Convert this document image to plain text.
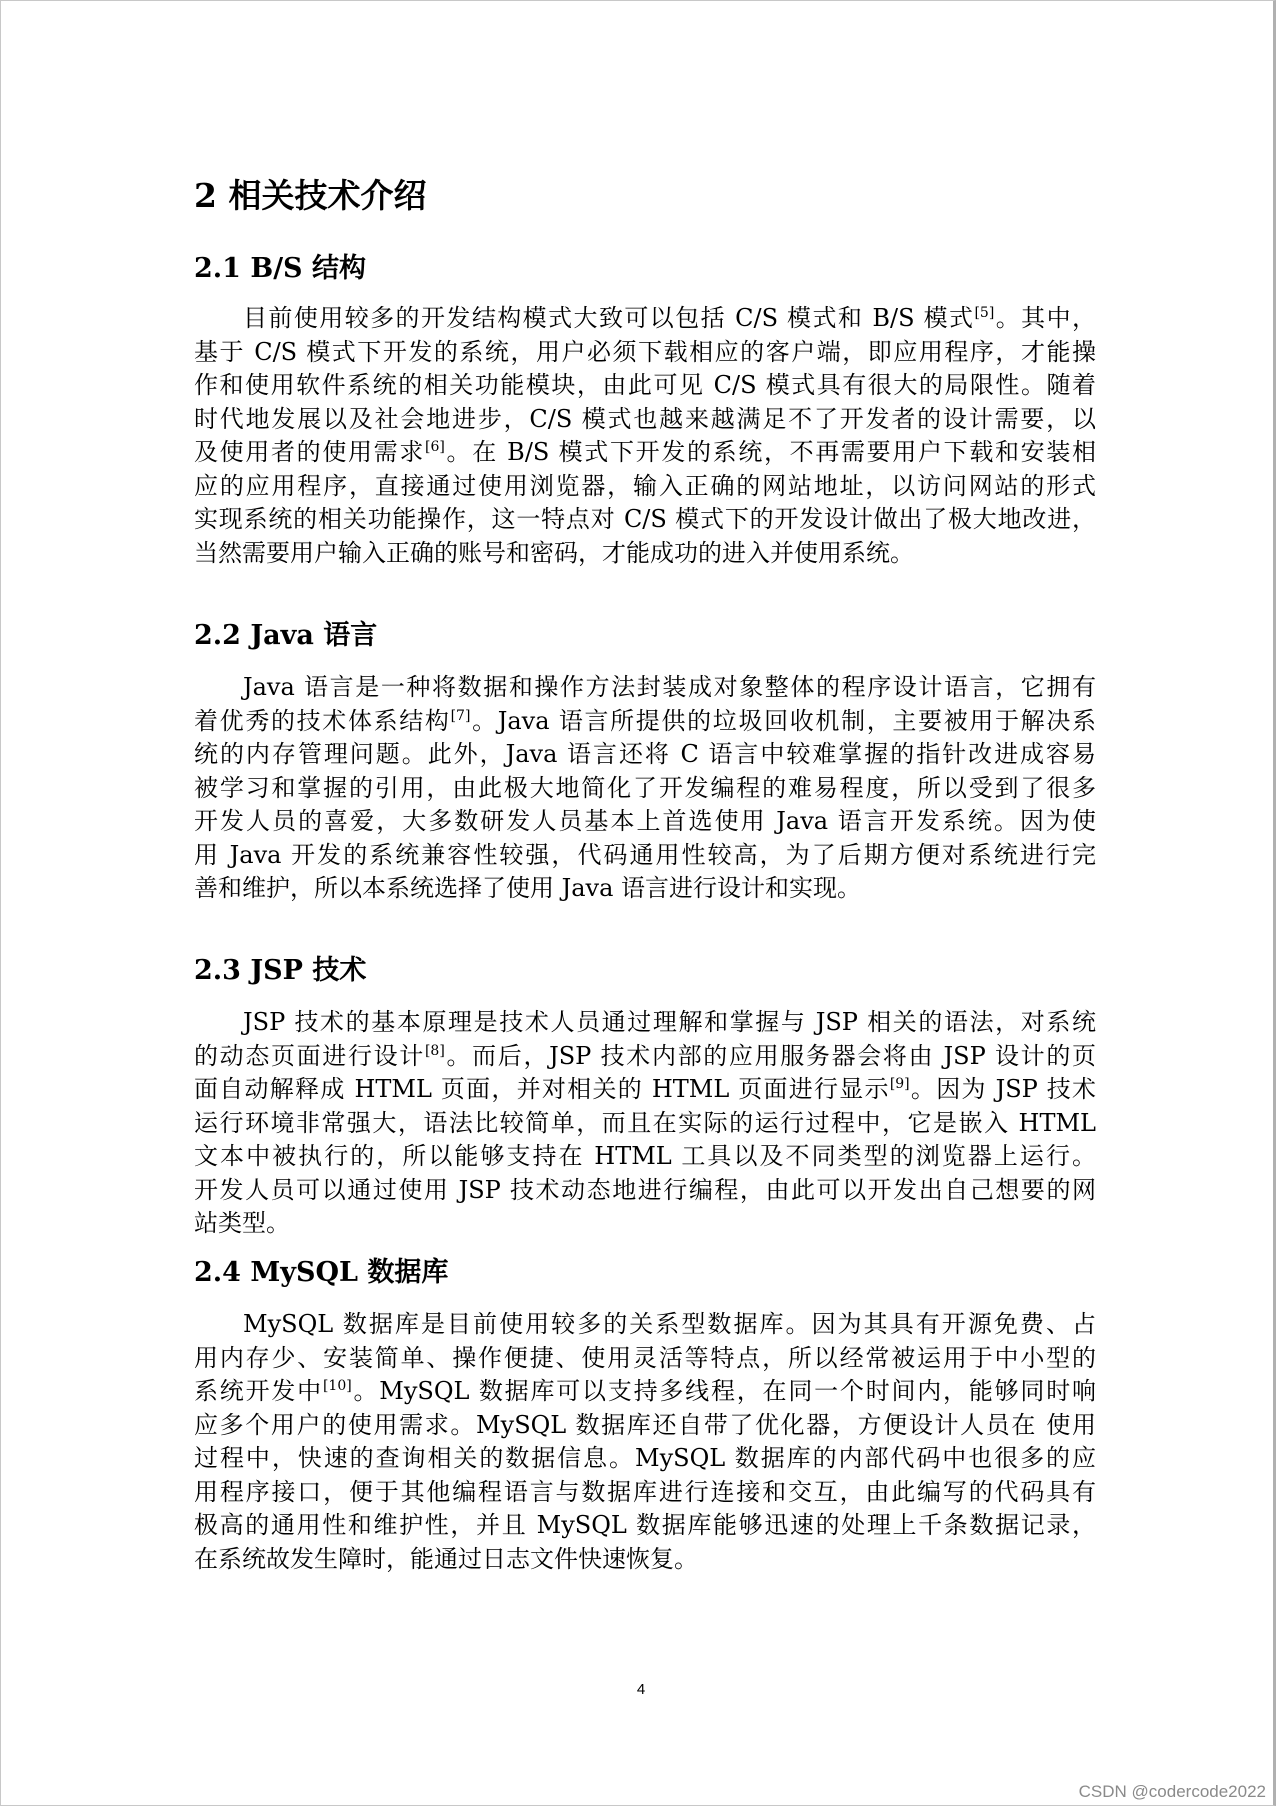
2 相关技术介绍
2.1 B/S 结构
目前使用较多的开发结构模式大致可以包括 C/S 模式和 B/S 模式[5]。其中，
基于 C/S 模式下开发的系统，用户必须下载相应的客户端，即应用程序，才能操
作和使用软件系统的相关功能模块，由此可见 C/S 模式具有很大的局限性。随着
时代地发展以及社会地进步，C/S 模式也越来越满足不了开发者的设计需要，以
及使用者的使用需求[6]。在 B/S 模式下开发的系统，不再需要用户下载和安装相
应的应用程序，直接通过使用浏览器，输入正确的网站地址，以访问网站的形式
实现系统的相关功能操作，这一特点对 C/S 模式下的开发设计做出了极大地改进，
当然需要用户输入正确的账号和密码，才能成功的进入并使用系统。
2.2 Java 语言
Java 语言是一种将数据和操作方法封装成对象整体的程序设计语言，它拥有
着优秀的技术体系结构[7]。Java 语言所提供的垃圾回收机制，主要被用于解决系
统的内存管理问题。此外，Java 语言还将 C 语言中较难掌握的指针改进成容易
被学习和掌握的引用，由此极大地简化了开发编程的难易程度，所以受到了很多
开发人员的喜爱，大多数研发人员基本上首选使用 Java 语言开发系统。因为使
用 Java 开发的系统兼容性较强，代码通用性较高，为了后期方便对系统进行完
善和维护，所以本系统选择了使用 Java 语言进行设计和实现。
2.3 JSP 技术
JSP 技术的基本原理是技术人员通过理解和掌握与 JSP 相关的语法，对系统
的动态页面进行设计[8]。而后，JSP 技术内部的应用服务器会将由 JSP 设计的页
面自动解释成 HTML 页面，并对相关的 HTML 页面进行显示[9]。因为 JSP 技术
运行环境非常强大，语法比较简单，而且在实际的运行过程中，它是嵌入 HTML
文本中被执行的，所以能够支持在 HTML 工具以及不同类型的浏览器上运行。
开发人员可以通过使用 JSP 技术动态地进行编程，由此可以开发出自己想要的网
站类型。
2.4 MySQL 数据库
MySQL 数据库是目前使用较多的关系型数据库。因为其具有开源免费、占
用内存少、安装简单、操作便捷、使用灵活等特点，所以经常被运用于中小型的
系统开发中[10]。MySQL 数据库可以支持多线程，在同一个时间内，能够同时响
应多个用户的使用需求。MySQL 数据库还自带了优化器，方便设计人员在 使用
过程中，快速的查询相关的数据信息。MySQL 数据库的内部代码中也很多的应
用程序接口，便于其他编程语言与数据库进行连接和交互，由此编写的代码具有
极高的通用性和维护性，并且 MySQL 数据库能够迅速的处理上千条数据记录，
在系统故发生障时，能通过日志文件快速恢复。
4
CSDN @codercode2022
